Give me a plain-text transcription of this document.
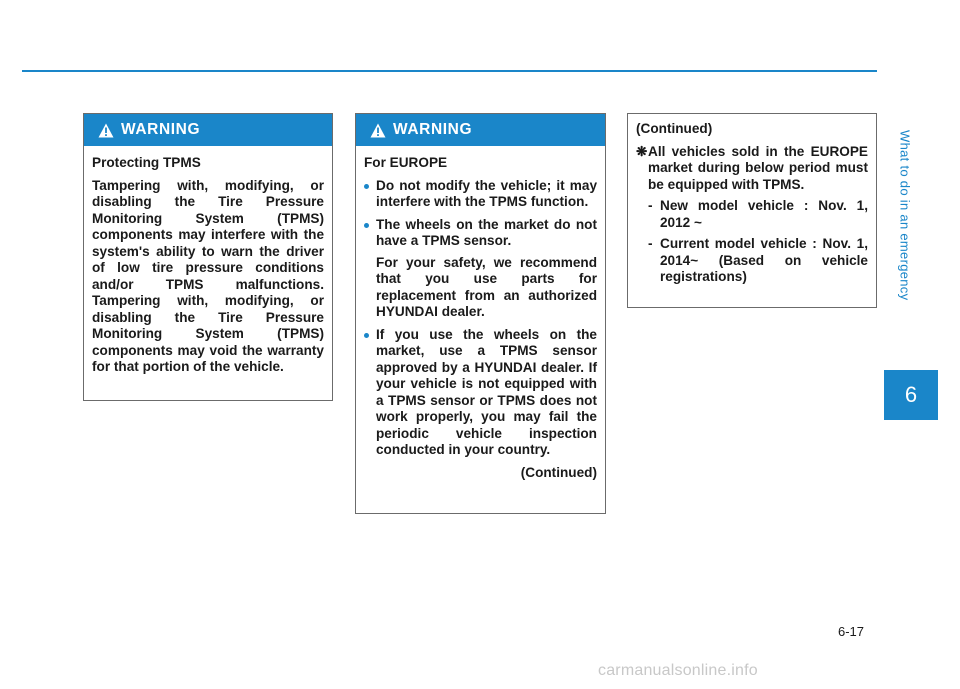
What to do in an emergency
6
WARNING

Protecting TPMS

Tampering with, modifying, or disabling the Tire Pressure Monitoring System (TPMS) components may interfere with the system's ability to warn the driver of low tire pressure conditions and/or TPMS malfunctions. Tampering with, modifying, or disabling the Tire Pressure Monitoring System (TPMS) components may void the warranty for that portion of the vehicle.

WARNING

For EUROPE

Do not modify the vehicle; it may interfere with the TPMS function.
The wheels on the market do not have a TPMS sensor.

For your safety, we recommend that you use parts for replacement from an authorized HYUNDAI dealer.

If you use the wheels on the market, use a TPMS sensor approved by a HYUNDAI dealer. If your vehicle is not equipped with a TPMS sensor or TPMS does not work properly, you may fail the periodic vehicle inspection conducted in your country.

(Continued)

(Continued)

❋ All vehicles sold in the EUROPE market during below period must be equipped with TPMS.
- New model vehicle : Nov. 1, 2012 ~
- Current model vehicle : Nov. 1, 2014~ (Based on vehicle registrations)
6-17
carmanualsonline.info
